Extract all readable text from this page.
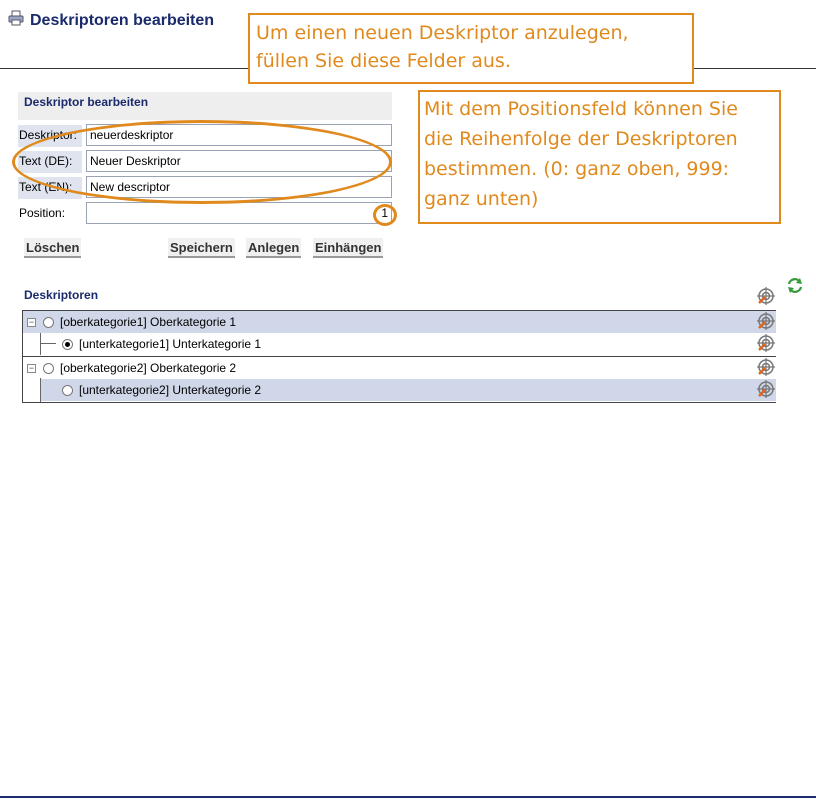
Deskriptoren bearbeiten
Deskriptor bearbeiten
Deskriptor:
neuerdeskriptor
Text (DE):
Neuer Deskriptor
Text (EN):
New descriptor
Position:
1
Löschen	Speichern Anlegen Einhängen
Deskriptoren
− [oberkategorie1] Oberkategorie 1
[unterkategorie1] Unterkategorie 1
− [oberkategorie2] Oberkategorie 2
[unterkategorie2] Unterkategorie 2
Um einen neuen Deskriptor anzulegen,
füllen Sie diese Felder aus.
Mit dem Positionsfeld können Sie
die Reihenfolge der Deskriptoren
bestimmen. (0: ganz oben, 999:
ganz unten)
